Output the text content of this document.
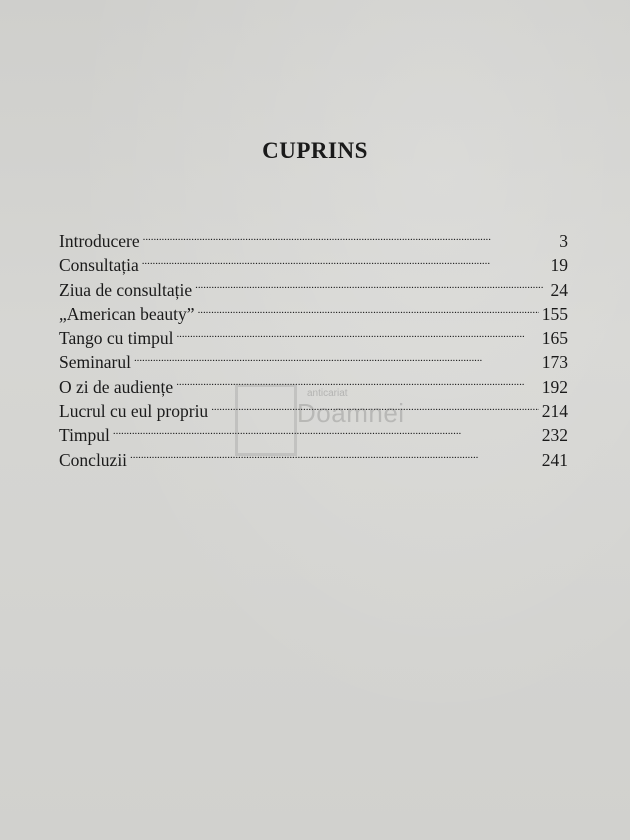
CUPRINS
Introducere . . .	3
Consultația . . .	19
Ziua de consultație . . .	24
„American beauty” . . .	155
Tango cu timpul . . .	165
Seminarul . . .	173
O zi de audiențe . . .	192
Lucrul cu eul propriu . . .	214
Timpul . . .	232
Concluzii . . .	241
anticariat
Doamnei
